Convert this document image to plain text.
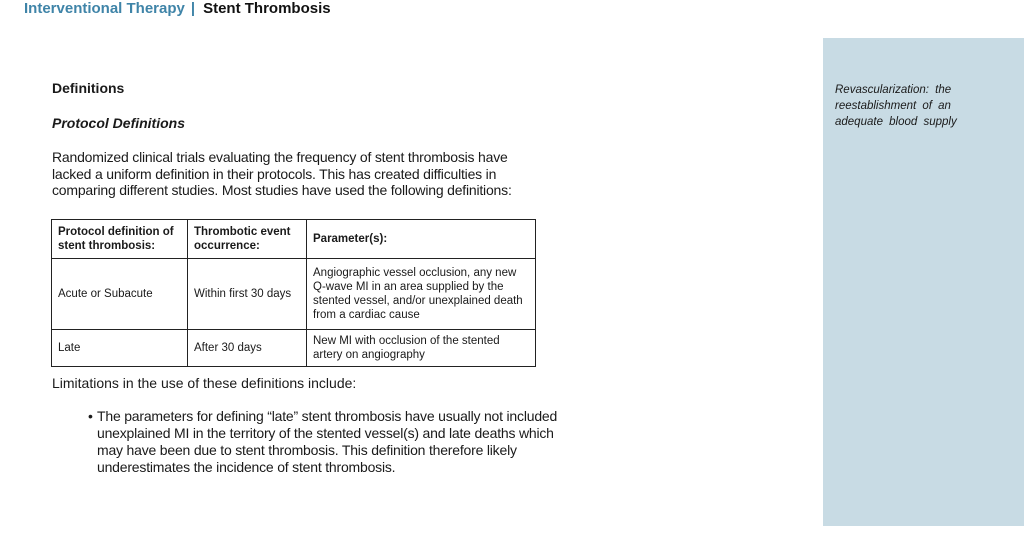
Interventional Therapy | Stent Thrombosis
Definitions
Protocol Definitions
Randomized clinical trials evaluating the frequency of stent thrombosis have lacked a uniform definition in their protocols. This has created difficulties in comparing different studies. Most studies have used the following definitions:
Protocol definition of stent thrombosis:	Thrombotic event occurrence:	Parameter(s):
Acute or Subacute	Within first 30 days	Angiographic vessel occlusion, any new Q-wave MI in an area supplied by the stented vessel, and/or unexplained death from a cardiac cause
Late	After 30 days	New MI with occlusion of the stented artery on angiography
Limitations in the use of these definitions include:
• The parameters for defining “late” stent thrombosis have usually not included unexplained MI in the territory of the stented vessel(s) and late deaths which may have been due to stent thrombosis. This definition therefore likely underestimates the incidence of stent thrombosis.
Revascularization: the reestablishment of an adequate blood supply
